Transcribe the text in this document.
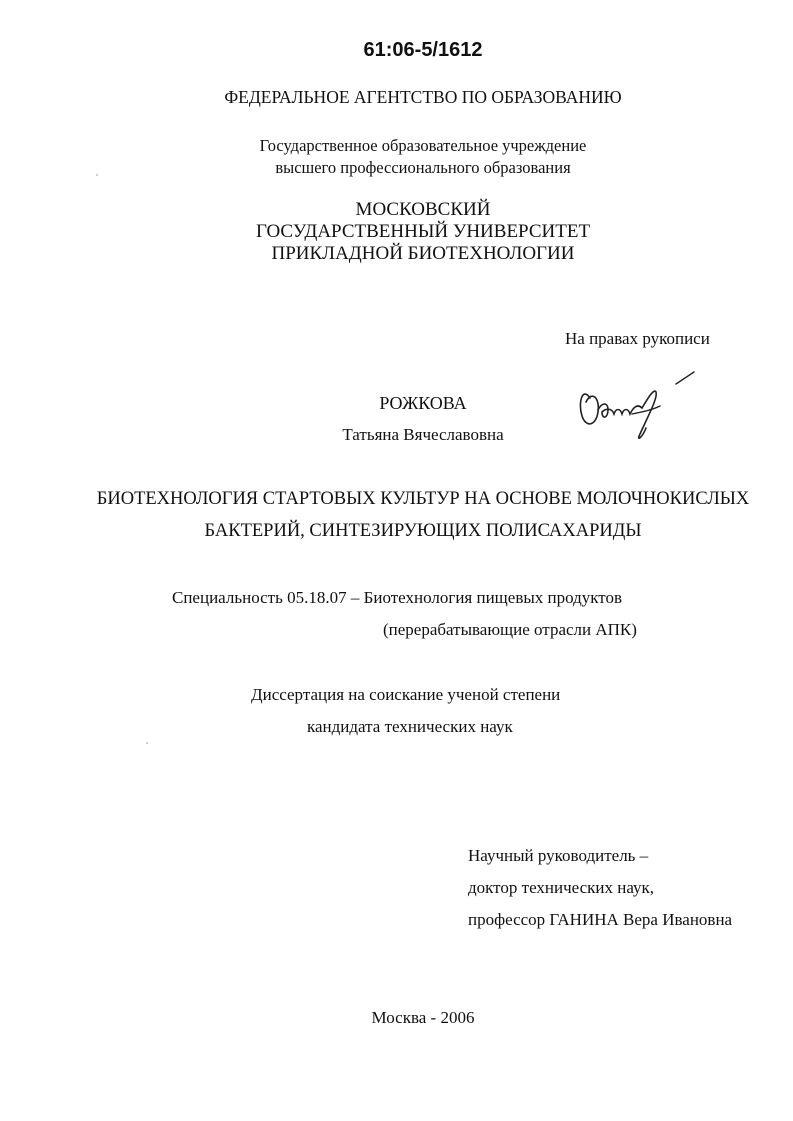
61:06-5/1612
ФЕДЕРАЛЬНОЕ АГЕНТСТВО ПО ОБРАЗОВАНИЮ
Государственное образовательное учреждение
высшего профессионального образования
МОСКОВСКИЙ
ГОСУДАРСТВЕННЫЙ УНИВЕРСИТЕТ
ПРИКЛАДНОЙ БИОТЕХНОЛОГИИ
На правах рукописи
РОЖКОВА
Татьяна Вячеславовна
БИОТЕХНОЛОГИЯ СТАРТОВЫХ КУЛЬТУР НА ОСНОВЕ МОЛОЧНОКИСЛЫХ
БАКТЕРИЙ, СИНТЕЗИРУЮЩИХ ПОЛИСАХАРИДЫ
Специальность 05.18.07 – Биотехнология пищевых продуктов
(перерабатывающие отрасли АПК)
Диссертация на соискание ученой степени
кандидата технических наук
Научный руководитель –
доктор технических наук,
профессор ГАНИНА Вера Ивановна
Москва - 2006
